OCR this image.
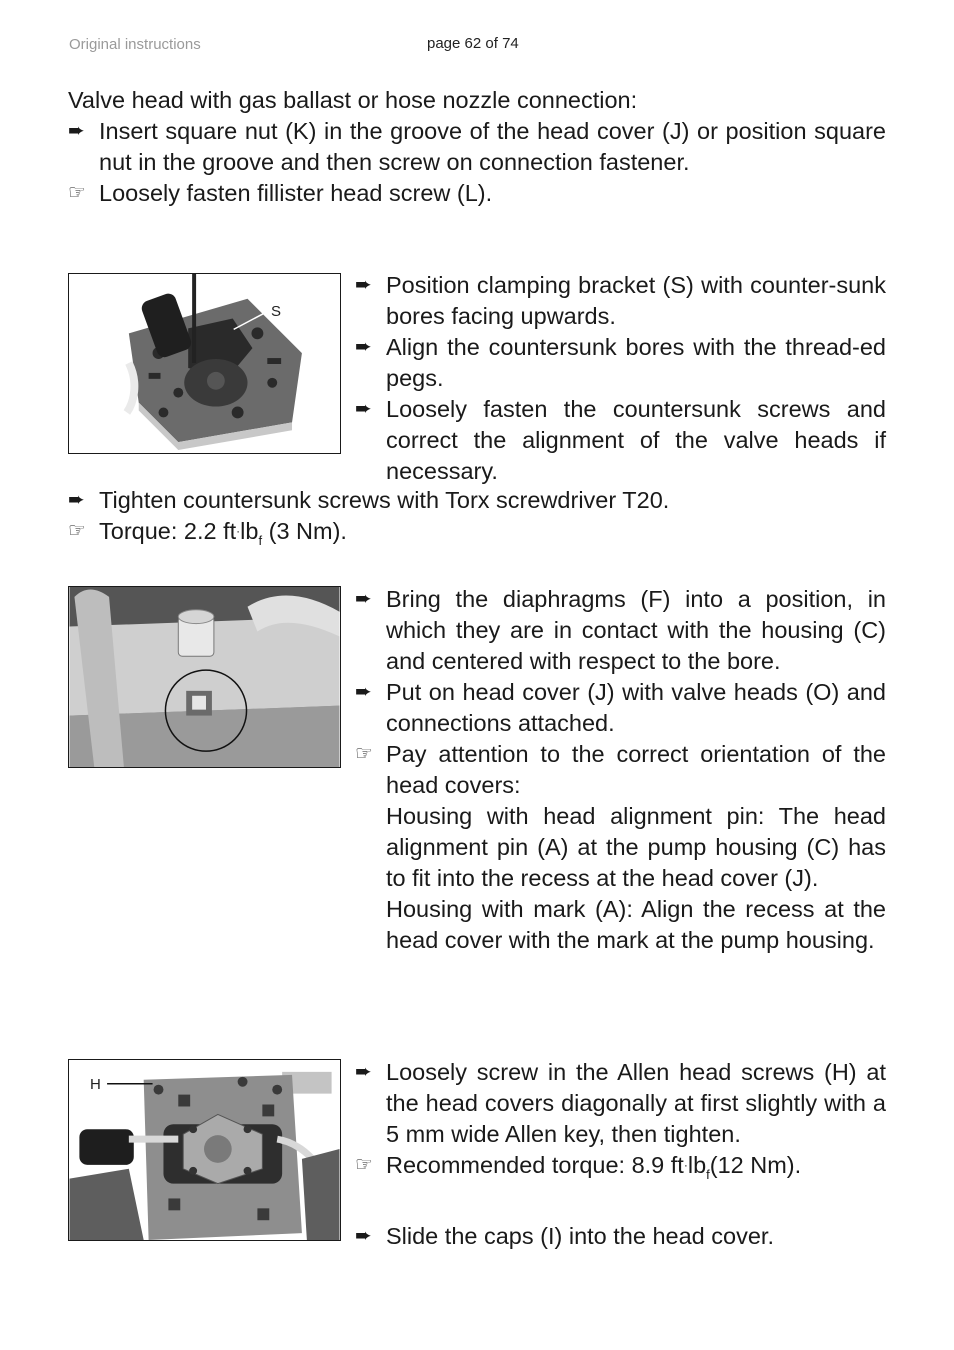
Original instructions	page 62 of 74
Valve head with gas ballast or hose nozzle connection:
➨ Insert square nut (K) in the groove of the head cover (J) or position square nut in the groove and then screw on connection fastener.
☞ Loosely fasten fillister head screw (L).
S
➨ Position clamping bracket (S) with counter-sunk bores facing upwards.
➨ Align the countersunk bores with the thread-ed pegs.
➨ Loosely fasten the countersunk screws and correct the alignment of the valve heads if necessary.
➨ Tighten countersunk screws with Torx screwdriver T20.
☞ Torque: 2.2 $ft\cdot lb_f$ (3 Nm).
➨ Bring the diaphragms (F) into a position, in which they are in contact with the housing (C) and centered with respect to the bore.
➨ Put on head cover (J) with valve heads (O) and connections attached.
☞ Pay attention to the correct orientation of the head covers:
Housing with head alignment pin: The head alignment pin (A) at the pump housing (C) has to fit into the recess at the head cover (J).
Housing with mark (A): Align the recess at the head cover with the mark at the pump housing.
H
➨ Loosely screw in the Allen head screws (H) at the head covers diagonally at first slightly with a 5 mm wide Allen key, then tighten.
☞ Recommended torque: 8.9 $ft\cdot lb_f(12$ Nm).
➨ Slide the caps (I) into the head cover.
